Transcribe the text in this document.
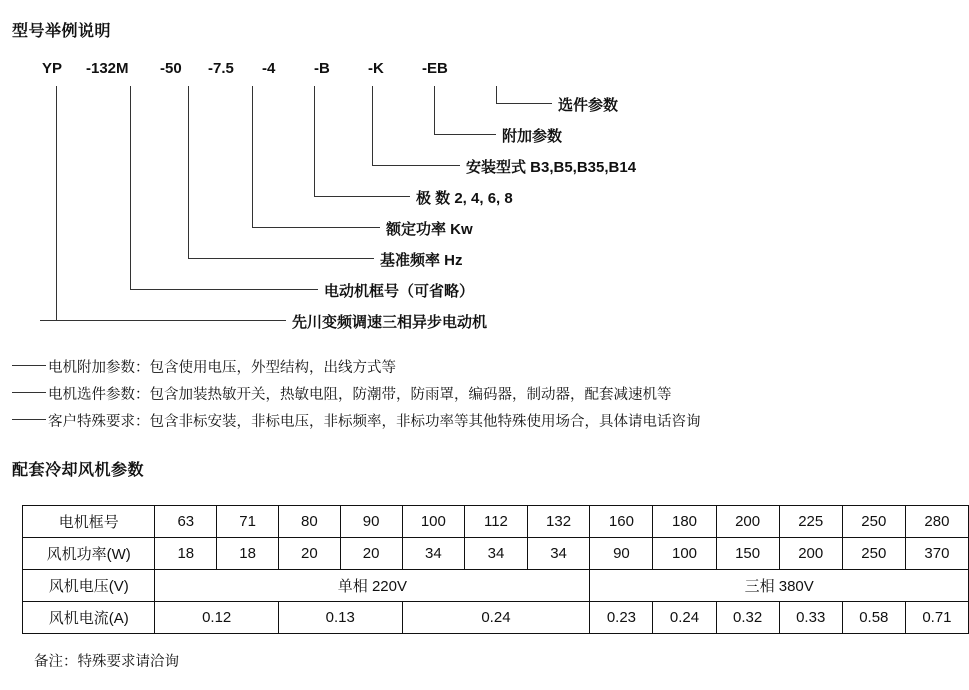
型号举例说明
YP -132M -50 -7.5 -4	-B	-K	-EB
选件参数
附加参数
安装型式 B3,B5,B35,B14
极 数 2, 4, 6, 8
额定功率 Kw
基准频率 Hz
电动机框号（可省略）
先川变频调速三相异步电动机
电机附加参数：包含使用电压，外型结构，出线方式等
电机选件参数：包含加装热敏开关，热敏电阻，防潮带，防雨罩，编码器，制动器，配套减速机等
客户特殊要求：包含非标安装，非标电压，非标频率，非标功率等其他特殊使用场合，具体请电话咨询
配套冷却风机参数
电机框号	63	71	80	90	100	112	132	160	180	200	225	250	280
风机功率(W)	18	18	20	20	34	34	34	90	100	150	200	250	370
风机电压(V)	单相 220V							三相 380V					
风机电流(A)	0.12		0.13		0.24			0.23	0.24	0.32	0.33	0.58	0.71
备注：特殊要求请洽询
